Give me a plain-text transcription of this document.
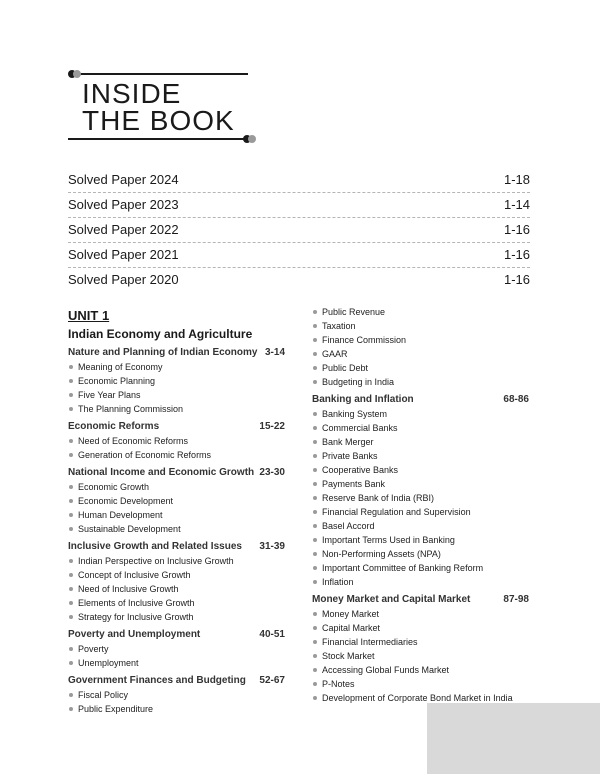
INSIDE
THE BOOK
Solved Paper 2024	1-18
Solved Paper 2023	1-14
Solved Paper 2022	1-16
Solved Paper 2021	1-16
Solved Paper 2020	1-16
UNIT 1
Indian Economy and Agriculture
Nature and Planning of Indian Economy 3-14
Meaning of Economy
Economic Planning
Five Year Plans
The Planning Commission
Economic Reforms	15-22
Need of Economic Reforms
Generation of Economic Reforms
National Income and Economic Growth 23-30
Economic Growth
Economic Development
Human Development
Sustainable Development
Inclusive Growth and Related Issues 31-39
Indian Perspective on Inclusive Growth
Concept of Inclusive Growth
Need of Inclusive Growth
Elements of Inclusive Growth
Strategy for Inclusive Growth
Poverty and Unemployment	40-51
Poverty
Unemployment
Government Finances and Budgeting 52-67
Fiscal Policy
Public Expenditure
Public Revenue
Taxation
Finance Commission
GAAR
Public Debt
Budgeting in India
Banking and Inflation	68-86
Banking System
Commercial Banks
Bank Merger
Private Banks
Cooperative Banks
Payments Bank
Reserve Bank of India (RBI)
Financial Regulation and Supervision
Basel Accord
Important Terms Used in Banking
Non-Performing Assets (NPA)
Important Committee of Banking Reform
Inflation
Money Market and Capital Market	87-98
Money Market
Capital Market
Financial Intermediaries
Stock Market
Accessing Global Funds Market
P-Notes
Development of Corporate Bond Market in India
